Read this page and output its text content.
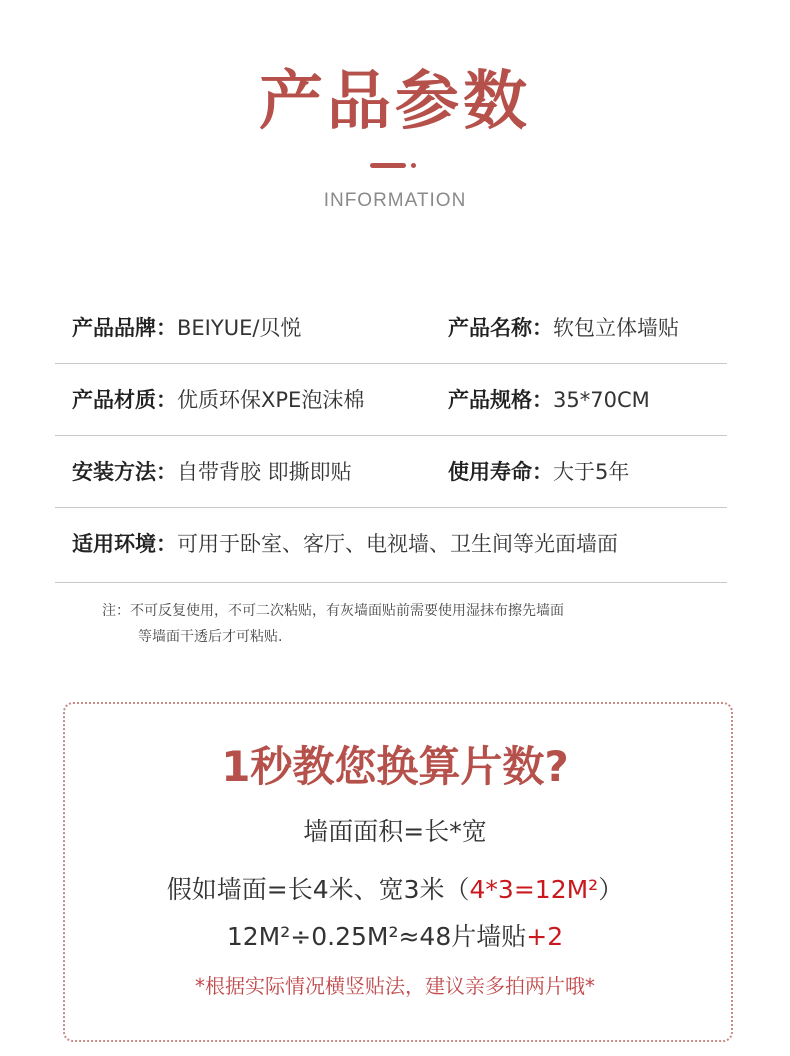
产品参数
INFORMATION
产品品牌：BEIYUE/贝悦	产品名称：软包立体墙贴
产品材质：优质环保XPE泡沫棉	产品规格：35*70CM
安装方法：自带背胶 即撕即贴	使用寿命：大于5年
适用环境：可用于卧室、客厅、电视墙、卫生间等光面墙面
注：不可反复使用，不可二次粘贴，有灰墙面贴前需要使用湿抹布擦先墙面
等墙面干透后才可粘贴.
1秒教您换算片数?
墙面面积=长*宽
假如墙面=长4米、宽3米（4*3=12M²）
12M²÷0.25M²≈48片墙贴+2
*根据实际情况横竖贴法，建议亲多拍两片哦*
